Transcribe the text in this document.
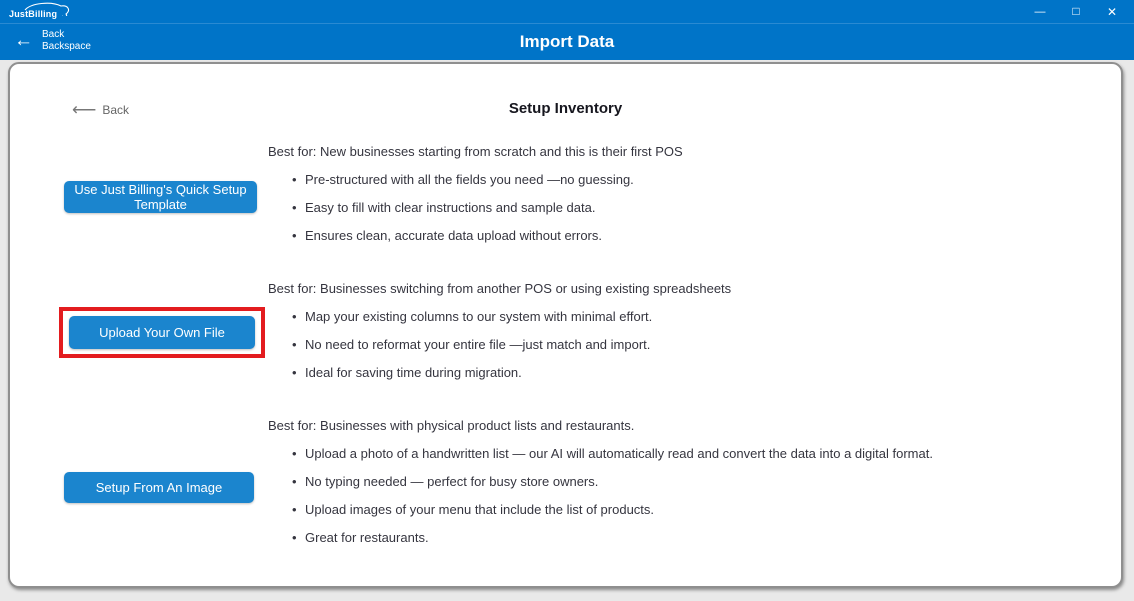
JustBilling	—	□	✕
← Back
Backspace	Import Data
⟵ Back	Setup Inventory
Use Just Billing's Quick Setup Template
Best for: New businesses starting from scratch and this is their first POS
• Pre-structured with all the fields you need —no guessing.
• Easy to fill with clear instructions and sample data.
• Ensures clean, accurate data upload without errors.
Upload Your Own File
Best for: Businesses switching from another POS or using existing spreadsheets
• Map your existing columns to our system with minimal effort.
• No need to reformat your entire file —just match and import.
• Ideal for saving time during migration.
Setup From An Image
Best for: Businesses with physical product lists and restaurants.
• Upload a photo of a handwritten list — our AI will automatically read and convert the data into a digital format.
• No typing needed — perfect for busy store owners.
• Upload images of your menu that include the list of products.
• Great for restaurants.
